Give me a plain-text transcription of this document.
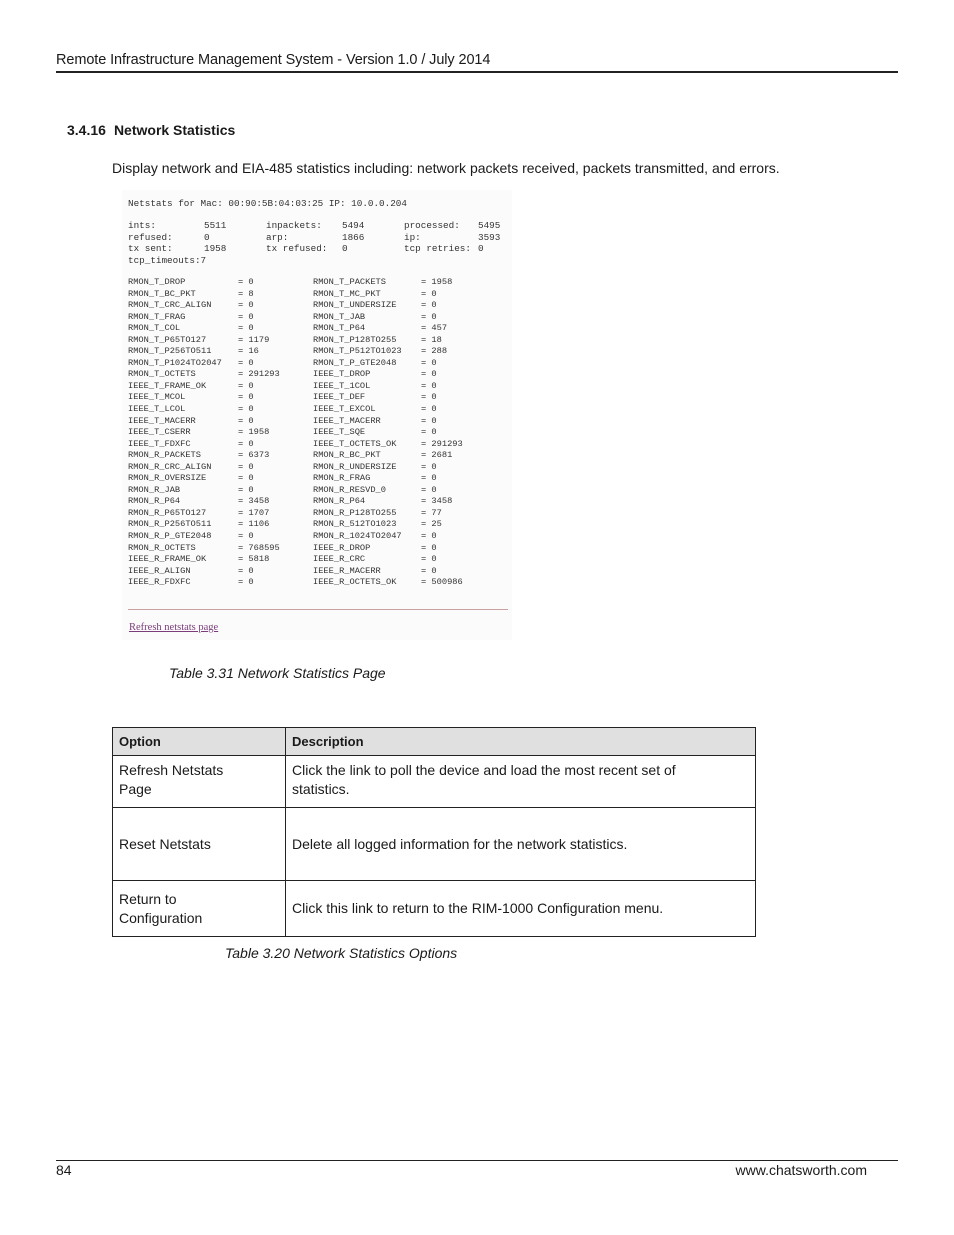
Remote Infrastructure Management System - Version 1.0 / July 2014
3.4.16 Network Statistics
Display network and EIA-485 statistics including: network packets received, packets transmitted, and errors.
Netstats for Mac: 00:90:5B:04:03:25 IP: 10.0.0.204
ints:	5511	inpackets:	5494	processed:	5495
refused:	0	arp:	1866	ip:	3593
tx sent:	1958	tx refused:	0	tcp retries:	0
tcp_timeouts:7					
RMON_T_DROP	= 0	RMON_T_PACKETS	= 1958
RMON_T_BC_PKT	= 8	RMON_T_MC_PKT	= 0
RMON_T_CRC_ALIGN	= 0	RMON_T_UNDERSIZE	= 0
RMON_T_FRAG	= 0	RMON_T_JAB	= 0
RMON_T_COL	= 0	RMON_T_P64	= 457
RMON_T_P65TO127	= 1179	RMON_T_P128TO255	= 18
RMON_T_P256TO511	= 16	RMON_T_P512TO1023	= 288
RMON_T_P1024TO2047	= 0	RMON_T_P_GTE2048	= 0
RMON_T_OCTETS	= 291293	IEEE_T_DROP	= 0
IEEE_T_FRAME_OK	= 0	IEEE_T_1COL	= 0
IEEE_T_MCOL	= 0	IEEE_T_DEF	= 0
IEEE_T_LCOL	= 0	IEEE_T_EXCOL	= 0
IEEE_T_MACERR	= 0	IEEE_T_MACERR	= 0
IEEE_T_CSERR	= 1958	IEEE_T_SQE	= 0
IEEE_T_FDXFC	= 0	IEEE_T_OCTETS_OK	= 291293
RMON_R_PACKETS	= 6373	RMON_R_BC_PKT	= 2681
RMON_R_CRC_ALIGN	= 0	RMON_R_UNDERSIZE	= 0
RMON_R_OVERSIZE	= 0	RMON_R_FRAG	= 0
RMON_R_JAB	= 0	RMON_R_RESVD_0	= 0
RMON_R_P64	= 3458	RMON_R_P64	= 3458
RMON_R_P65TO127	= 1707	RMON_R_P128TO255	= 77
RMON_R_P256TO511	= 1106	RMON_R_512TO1023	= 25
RMON_R_P_GTE2048	= 0	RMON_R_1024TO2047	= 0
RMON_R_OCTETS	= 768595	IEEE_R_DROP	= 0
IEEE_R_FRAME_OK	= 5818	IEEE_R_CRC	= 0
IEEE_R_ALIGN	= 0	IEEE_R_MACERR	= 0
IEEE_R_FDXFC	= 0	IEEE_R_OCTETS_OK	= 500986
Refresh netstats page
Table 3.31 Network Statistics Page
Option	Description
Refresh Netstats
Page	Click the link to poll the device and load the most recent set of
statistics.
Reset Netstats	Delete all logged information for the network statistics.
Return to
Configuration	Click this link to return to the RIM-1000 Configuration menu.
Table 3.20 Network Statistics Options
84	www.chatsworth.com
